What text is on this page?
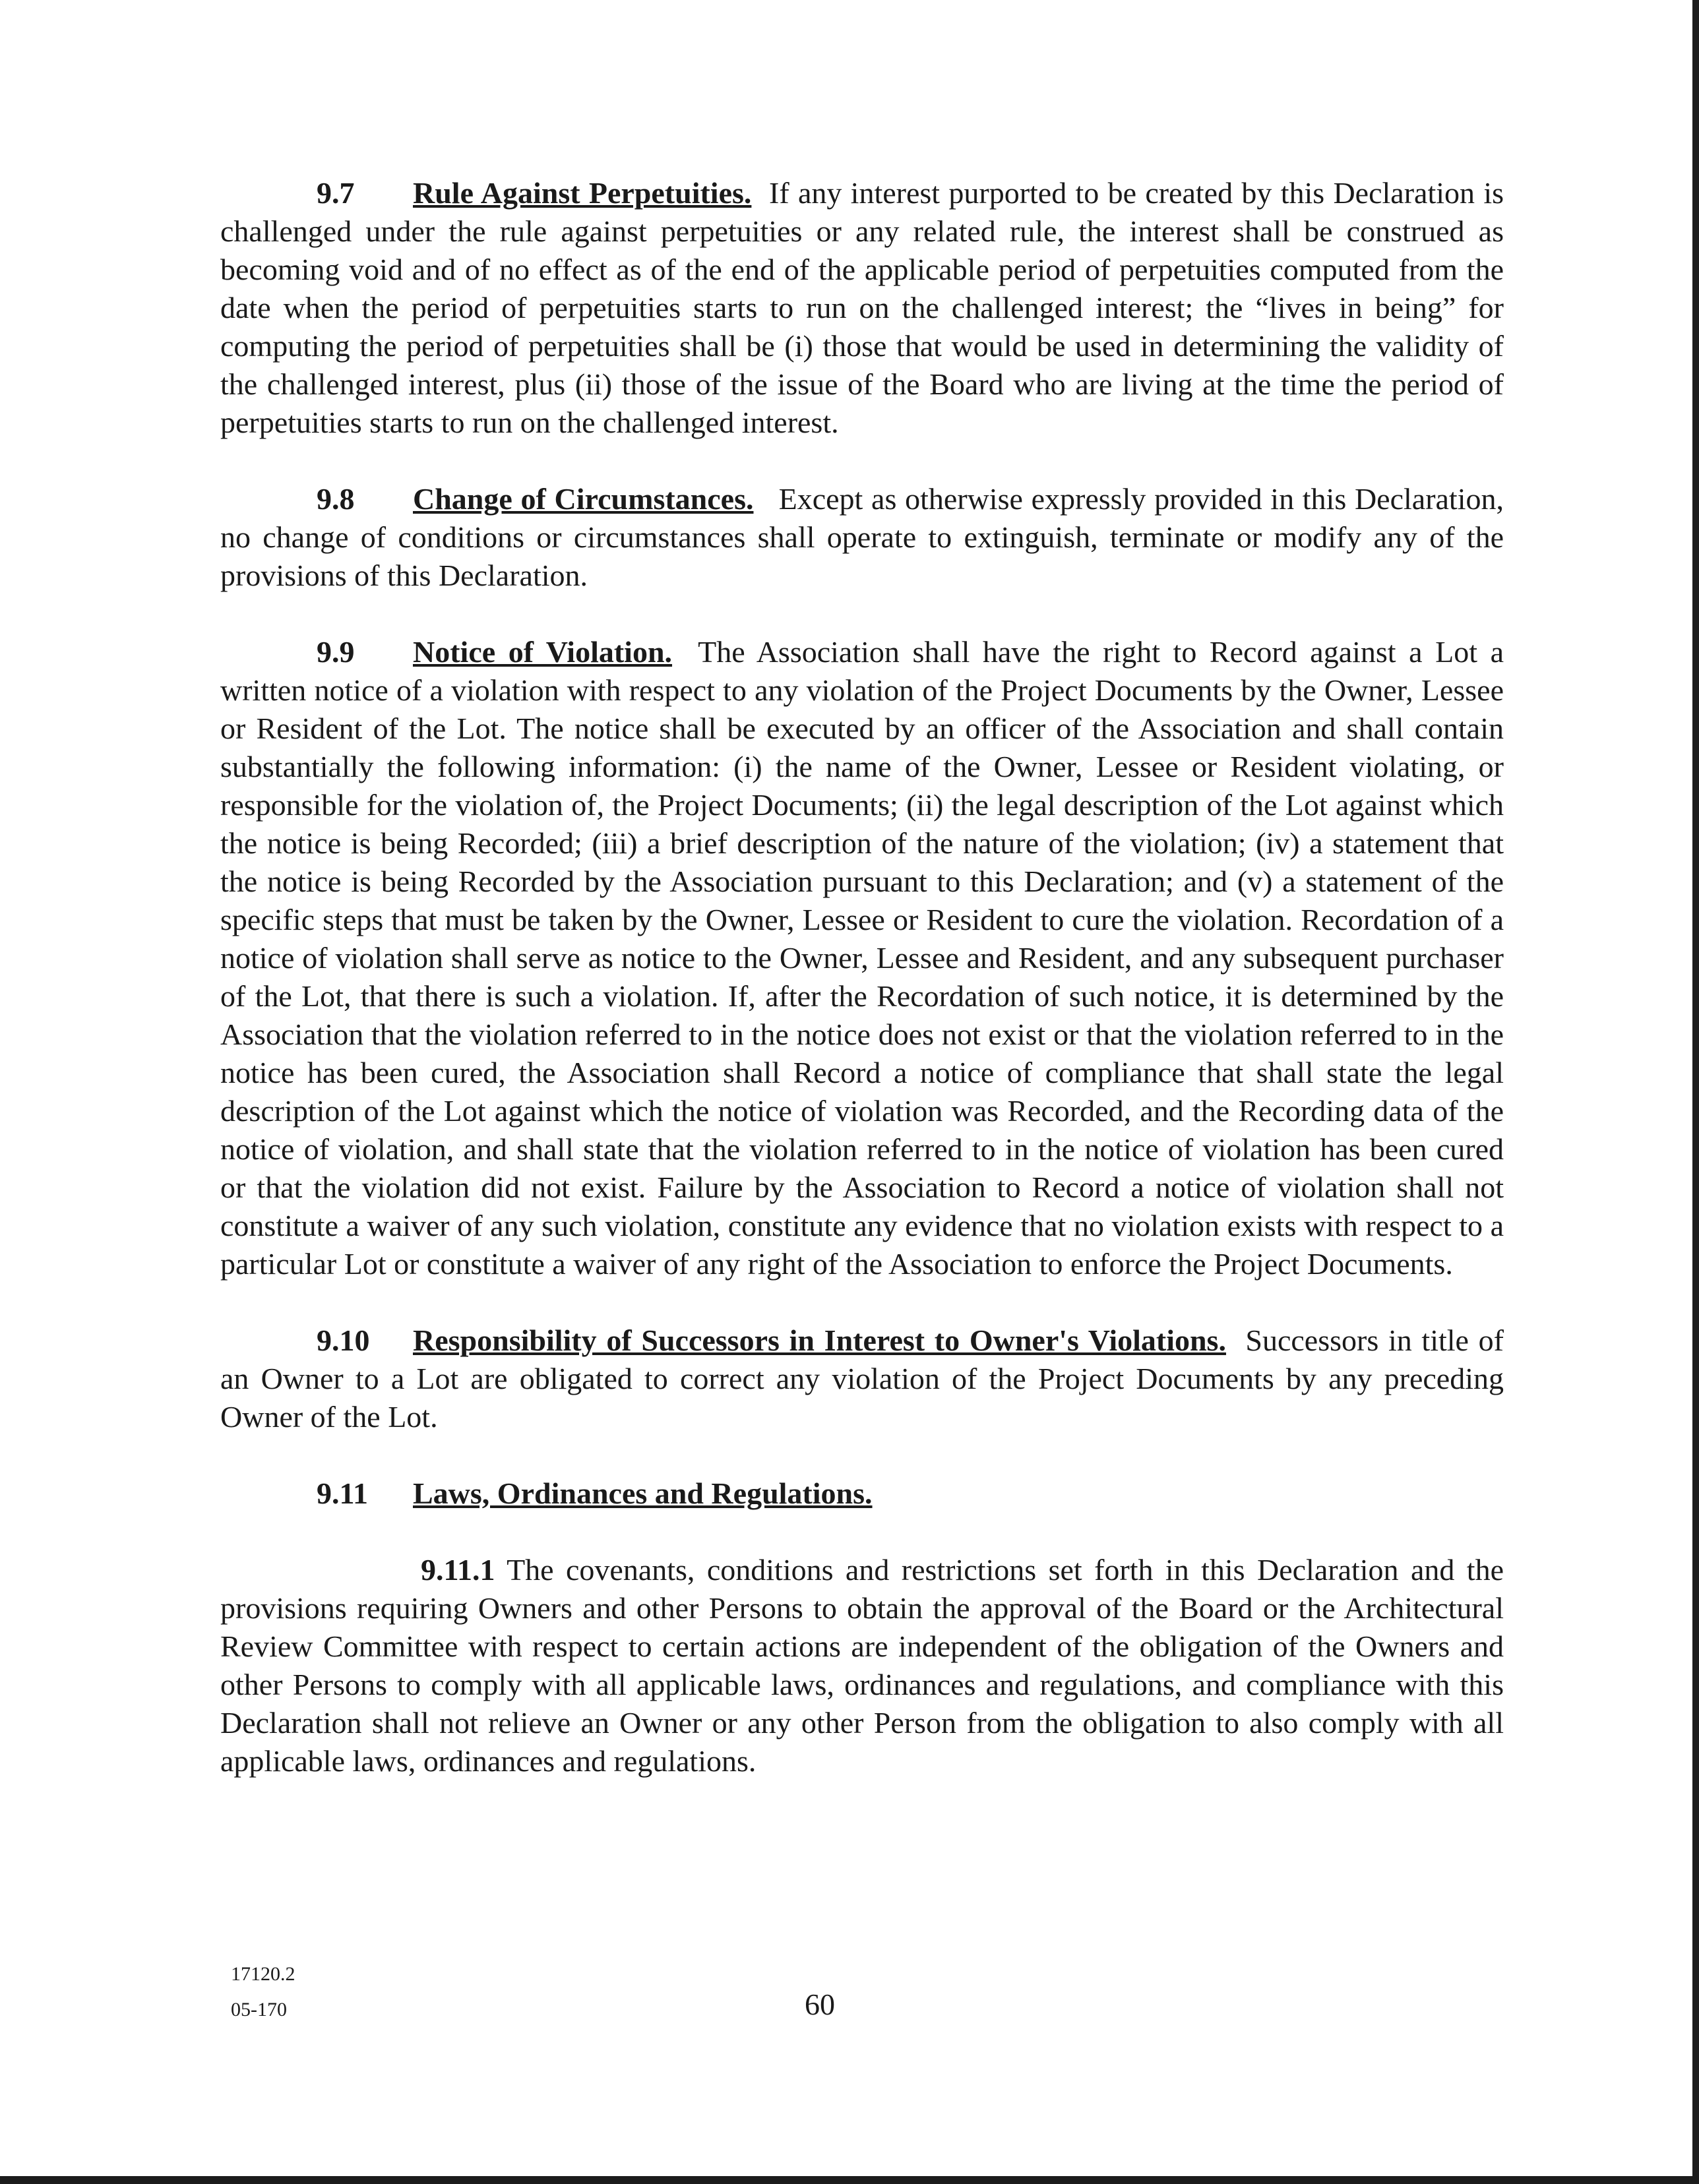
9.7 Rule Against Perpetuities. If any interest purported to be created by this Declaration is challenged under the rule against perpetuities or any related rule, the interest shall be construed as becoming void and of no effect as of the end of the applicable period of perpetuities computed from the date when the period of perpetuities starts to run on the challenged interest; the “lives in being” for computing the period of perpetuities shall be (i) those that would be used in determining the validity of the challenged interest, plus (ii) those of the issue of the Board who are living at the time the period of perpetuities starts to run on the challenged interest.

9.8 Change of Circumstances. Except as otherwise expressly provided in this Declaration, no change of conditions or circumstances shall operate to extinguish, terminate or modify any of the provisions of this Declaration.

9.9 Notice of Violation. The Association shall have the right to Record against a Lot a written notice of a violation with respect to any violation of the Project Documents by the Owner, Lessee or Resident of the Lot. The notice shall be executed by an officer of the Association and shall contain substantially the following information: (i) the name of the Owner, Lessee or Resident violating, or responsible for the violation of, the Project Documents; (ii) the legal description of the Lot against which the notice is being Recorded; (iii) a brief description of the nature of the violation; (iv) a statement that the notice is being Recorded by the Association pursuant to this Declaration; and (v) a statement of the specific steps that must be taken by the Owner, Lessee or Resident to cure the violation. Recordation of a notice of violation shall serve as notice to the Owner, Lessee and Resident, and any subsequent purchaser of the Lot, that there is such a violation. If, after the Recordation of such notice, it is determined by the Association that the violation referred to in the notice does not exist or that the violation referred to in the notice has been cured, the Association shall Record a notice of compliance that shall state the legal description of the Lot against which the notice of violation was Recorded, and the Recording data of the notice of violation, and shall state that the violation referred to in the notice of violation has been cured or that the violation did not exist. Failure by the Association to Record a notice of violation shall not constitute a waiver of any such violation, constitute any evidence that no violation exists with respect to a particular Lot or constitute a waiver of any right of the Association to enforce the Project Documents.

9.10 Responsibility of Successors in Interest to Owner's Violations. Successors in title of an Owner to a Lot are obligated to correct any violation of the Project Documents by any preceding Owner of the Lot.

9.11 Laws, Ordinances and Regulations.

9.11.1 The covenants, conditions and restrictions set forth in this Declaration and the provisions requiring Owners and other Persons to obtain the approval of the Board or the Architectural Review Committee with respect to certain actions are independent of the obligation of the Owners and other Persons to comply with all applicable laws, ordinances and regulations, and compliance with this Declaration shall not relieve an Owner or any other Person from the obligation to also comply with all applicable laws, ordinances and regulations.

17120.2
05-170	60
